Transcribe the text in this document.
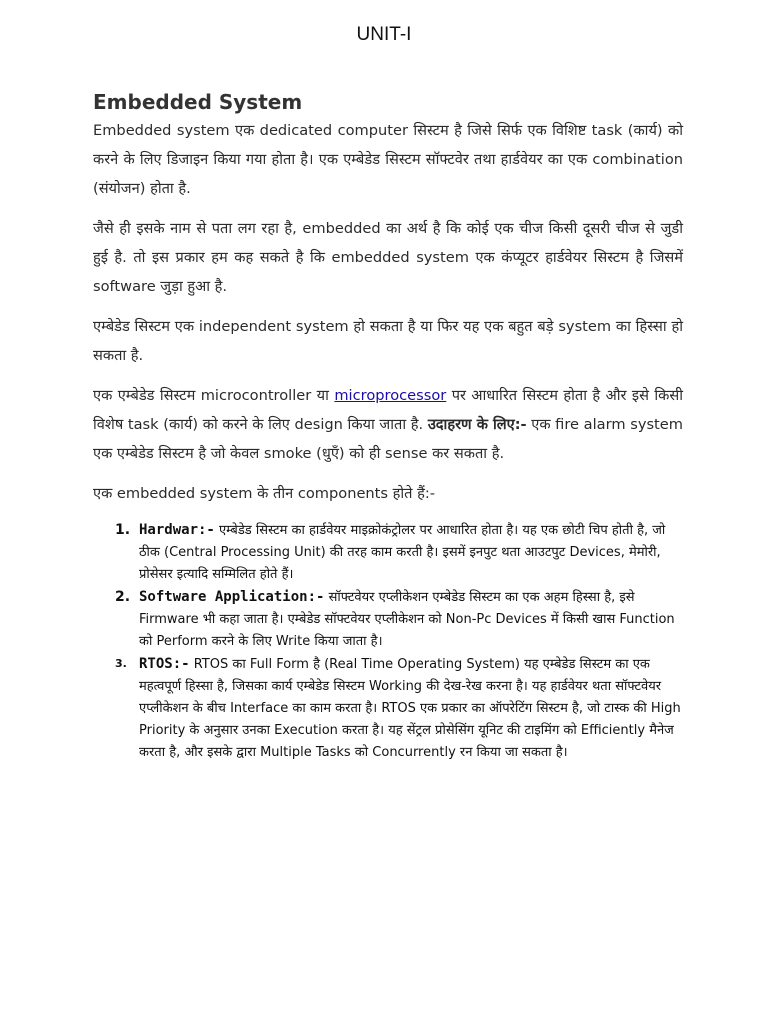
UNIT-I
Embedded System

Embedded system एक dedicated computer सिस्टम है जिसे सिर्फ एक विशिष्ट task (कार्य) को करने के लिए डिजाइन किया गया होता है। एक एम्बेडेड सिस्टम सॉफ्टवेर तथा हार्डवेयर का एक combination (संयोजन) होता है.

जैसे ही इसके नाम से पता लग रहा है, embedded का अर्थ है कि कोई एक चीज किसी दूसरी चीज से जुडी हुई है. तो इस प्रकार हम कह सकते है कि embedded system एक कंप्यूटर हार्डवेयर सिस्टम है जिसमें software जुड़ा हुआ है.

एम्बेडेड सिस्टम एक independent system हो सकता है या फिर यह एक बहुत बड़े system का हिस्सा हो सकता है.

एक एम्बेडेड सिस्टम microcontroller या microprocessor पर आधारित सिस्टम होता है और इसे किसी विशेष task (कार्य) को करने के लिए design किया जाता है. उदाहरण के लिए:- एक fire alarm system एक एम्बेडेड सिस्टम है जो केवल smoke (धुएँ) को ही sense कर सकता है.

एक embedded system के तीन components होते हैं:-

1. Hardwar:- एम्बेडेड सिस्टम का हार्डवेयर माइक्रोकंट्रोलर पर आधारित होता है। यह एक छोटी चिप होती है, जो ठीक (Central Processing Unit) की तरह काम करती है। इसमें इनपुट थता आउटपुट Devices, मेमोरी, प्रोसेसर इत्यादि सम्मिलित होते हैं।
2. Software Application:- सॉफ्टवेयर एप्लीकेशन एम्बेडेड सिस्टम का एक अहम हिस्सा है, इसे Firmware भी कहा जाता है। एम्बेडेड सॉफ्टवेयर एप्लीकेशन को Non-Pc Devices में किसी खास Function को Perform करने के लिए Write किया जाता है।
3. RTOS:- RTOS का Full Form है (Real Time Operating System) यह एम्बेडेड सिस्टम का एक महत्वपूर्ण हिस्सा है, जिसका कार्य एम्बेडेड सिस्टम Working की देख-रेख करना है। यह हार्डवेयर थता सॉफ्टवेयर एप्लीकेशन के बीच Interface का काम करता है। RTOS एक प्रकार का ऑपरेटिंग सिस्टम है, जो टास्क की High Priority के अनुसार उनका Execution करता है। यह सेंट्रल प्रोसेसिंग यूनिट की टाइमिंग को Efficiently मैनेज करता है, और इसके द्वारा Multiple Tasks को Concurrently रन किया जा सकता है।
